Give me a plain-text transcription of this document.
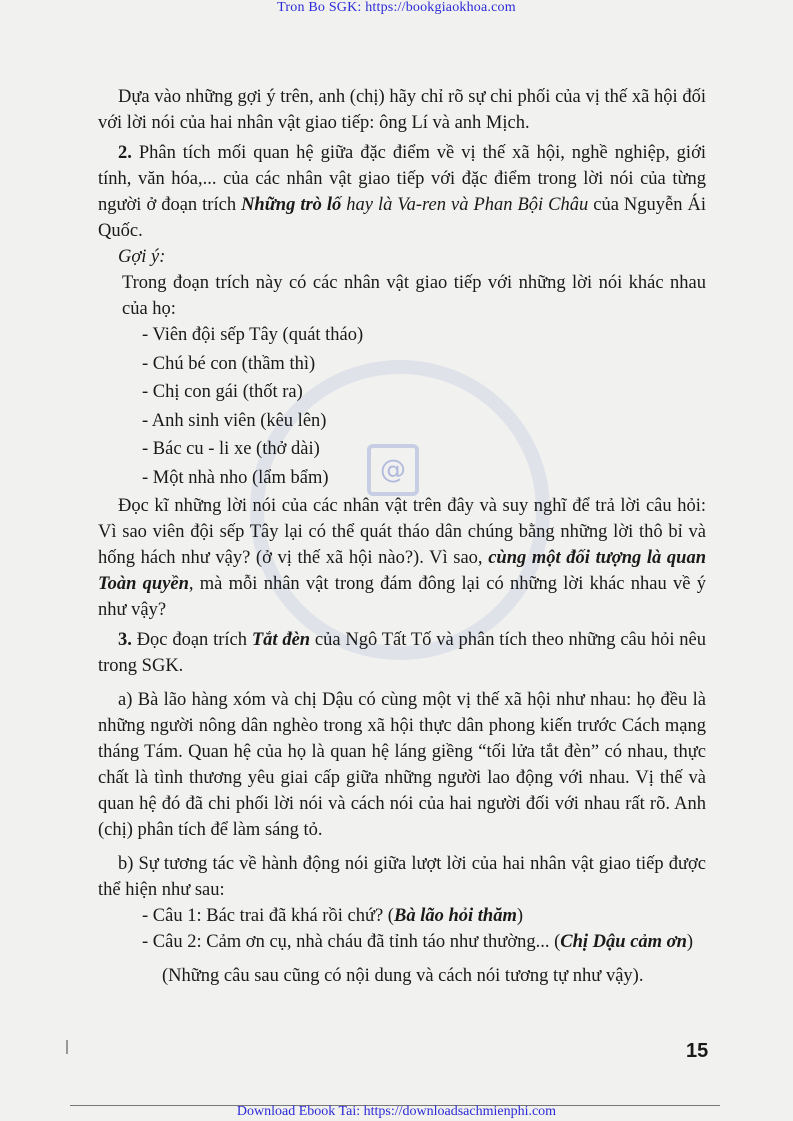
Tron Bo SGK: https://bookgiaokhoa.com
@

Dựa vào những gợi ý trên, anh (chị) hãy chỉ rõ sự chi phối của vị thế xã hội đối với lời nói của hai nhân vật giao tiếp: ông Lí và anh Mịch.

2. Phân tích mối quan hệ giữa đặc điểm về vị thế xã hội, nghề nghiệp, giới tính, văn hóa,... của các nhân vật giao tiếp với đặc điểm trong lời nói của từng người ở đoạn trích Những trò lố hay là Va-ren và Phan Bội Châu của Nguyễn Ái Quốc.

Gợi ý:

Trong đoạn trích này có các nhân vật giao tiếp với những lời nói khác nhau của họ:

- Viên đội sếp Tây (quát tháo)
- Chú bé con (thầm thì)
- Chị con gái (thốt ra)
- Anh sinh viên (kêu lên)
- Bác cu - li xe (thở dài)
- Một nhà nho (lẩm bẩm)

Đọc kĩ những lời nói của các nhân vật trên đây và suy nghĩ để trả lời câu hỏi: Vì sao viên đội sếp Tây lại có thể quát tháo dân chúng bằng những lời thô bỉ và hống hách như vậy? (ở vị thế xã hội nào?). Vì sao, cùng một đối tượng là quan Toàn quyền, mà mỗi nhân vật trong đám đông lại có những lời khác nhau về ý như vậy?

3. Đọc đoạn trích Tắt đèn của Ngô Tất Tố và phân tích theo những câu hỏi nêu trong SGK.

a) Bà lão hàng xóm và chị Dậu có cùng một vị thế xã hội như nhau: họ đều là những người nông dân nghèo trong xã hội thực dân phong kiến trước Cách mạng tháng Tám. Quan hệ của họ là quan hệ láng giềng “tối lửa tắt đèn” có nhau, thực chất là tình thương yêu giai cấp giữa những người lao động với nhau. Vị thế và quan hệ đó đã chi phối lời nói và cách nói của hai người đối với nhau rất rõ. Anh (chị) phân tích để làm sáng tỏ.

b) Sự tương tác về hành động nói giữa lượt lời của hai nhân vật giao tiếp được thể hiện như sau:

- Câu 1: Bác trai đã khá rồi chứ? (Bà lão hỏi thăm)

- Câu 2: Cảm ơn cụ, nhà cháu đã tỉnh táo như thường... (Chị Dậu cảm ơn)

(Những câu sau cũng có nội dung và cách nói tương tự như vậy).

15
Download Ebook Tai: https://downloadsachmienphi.com
